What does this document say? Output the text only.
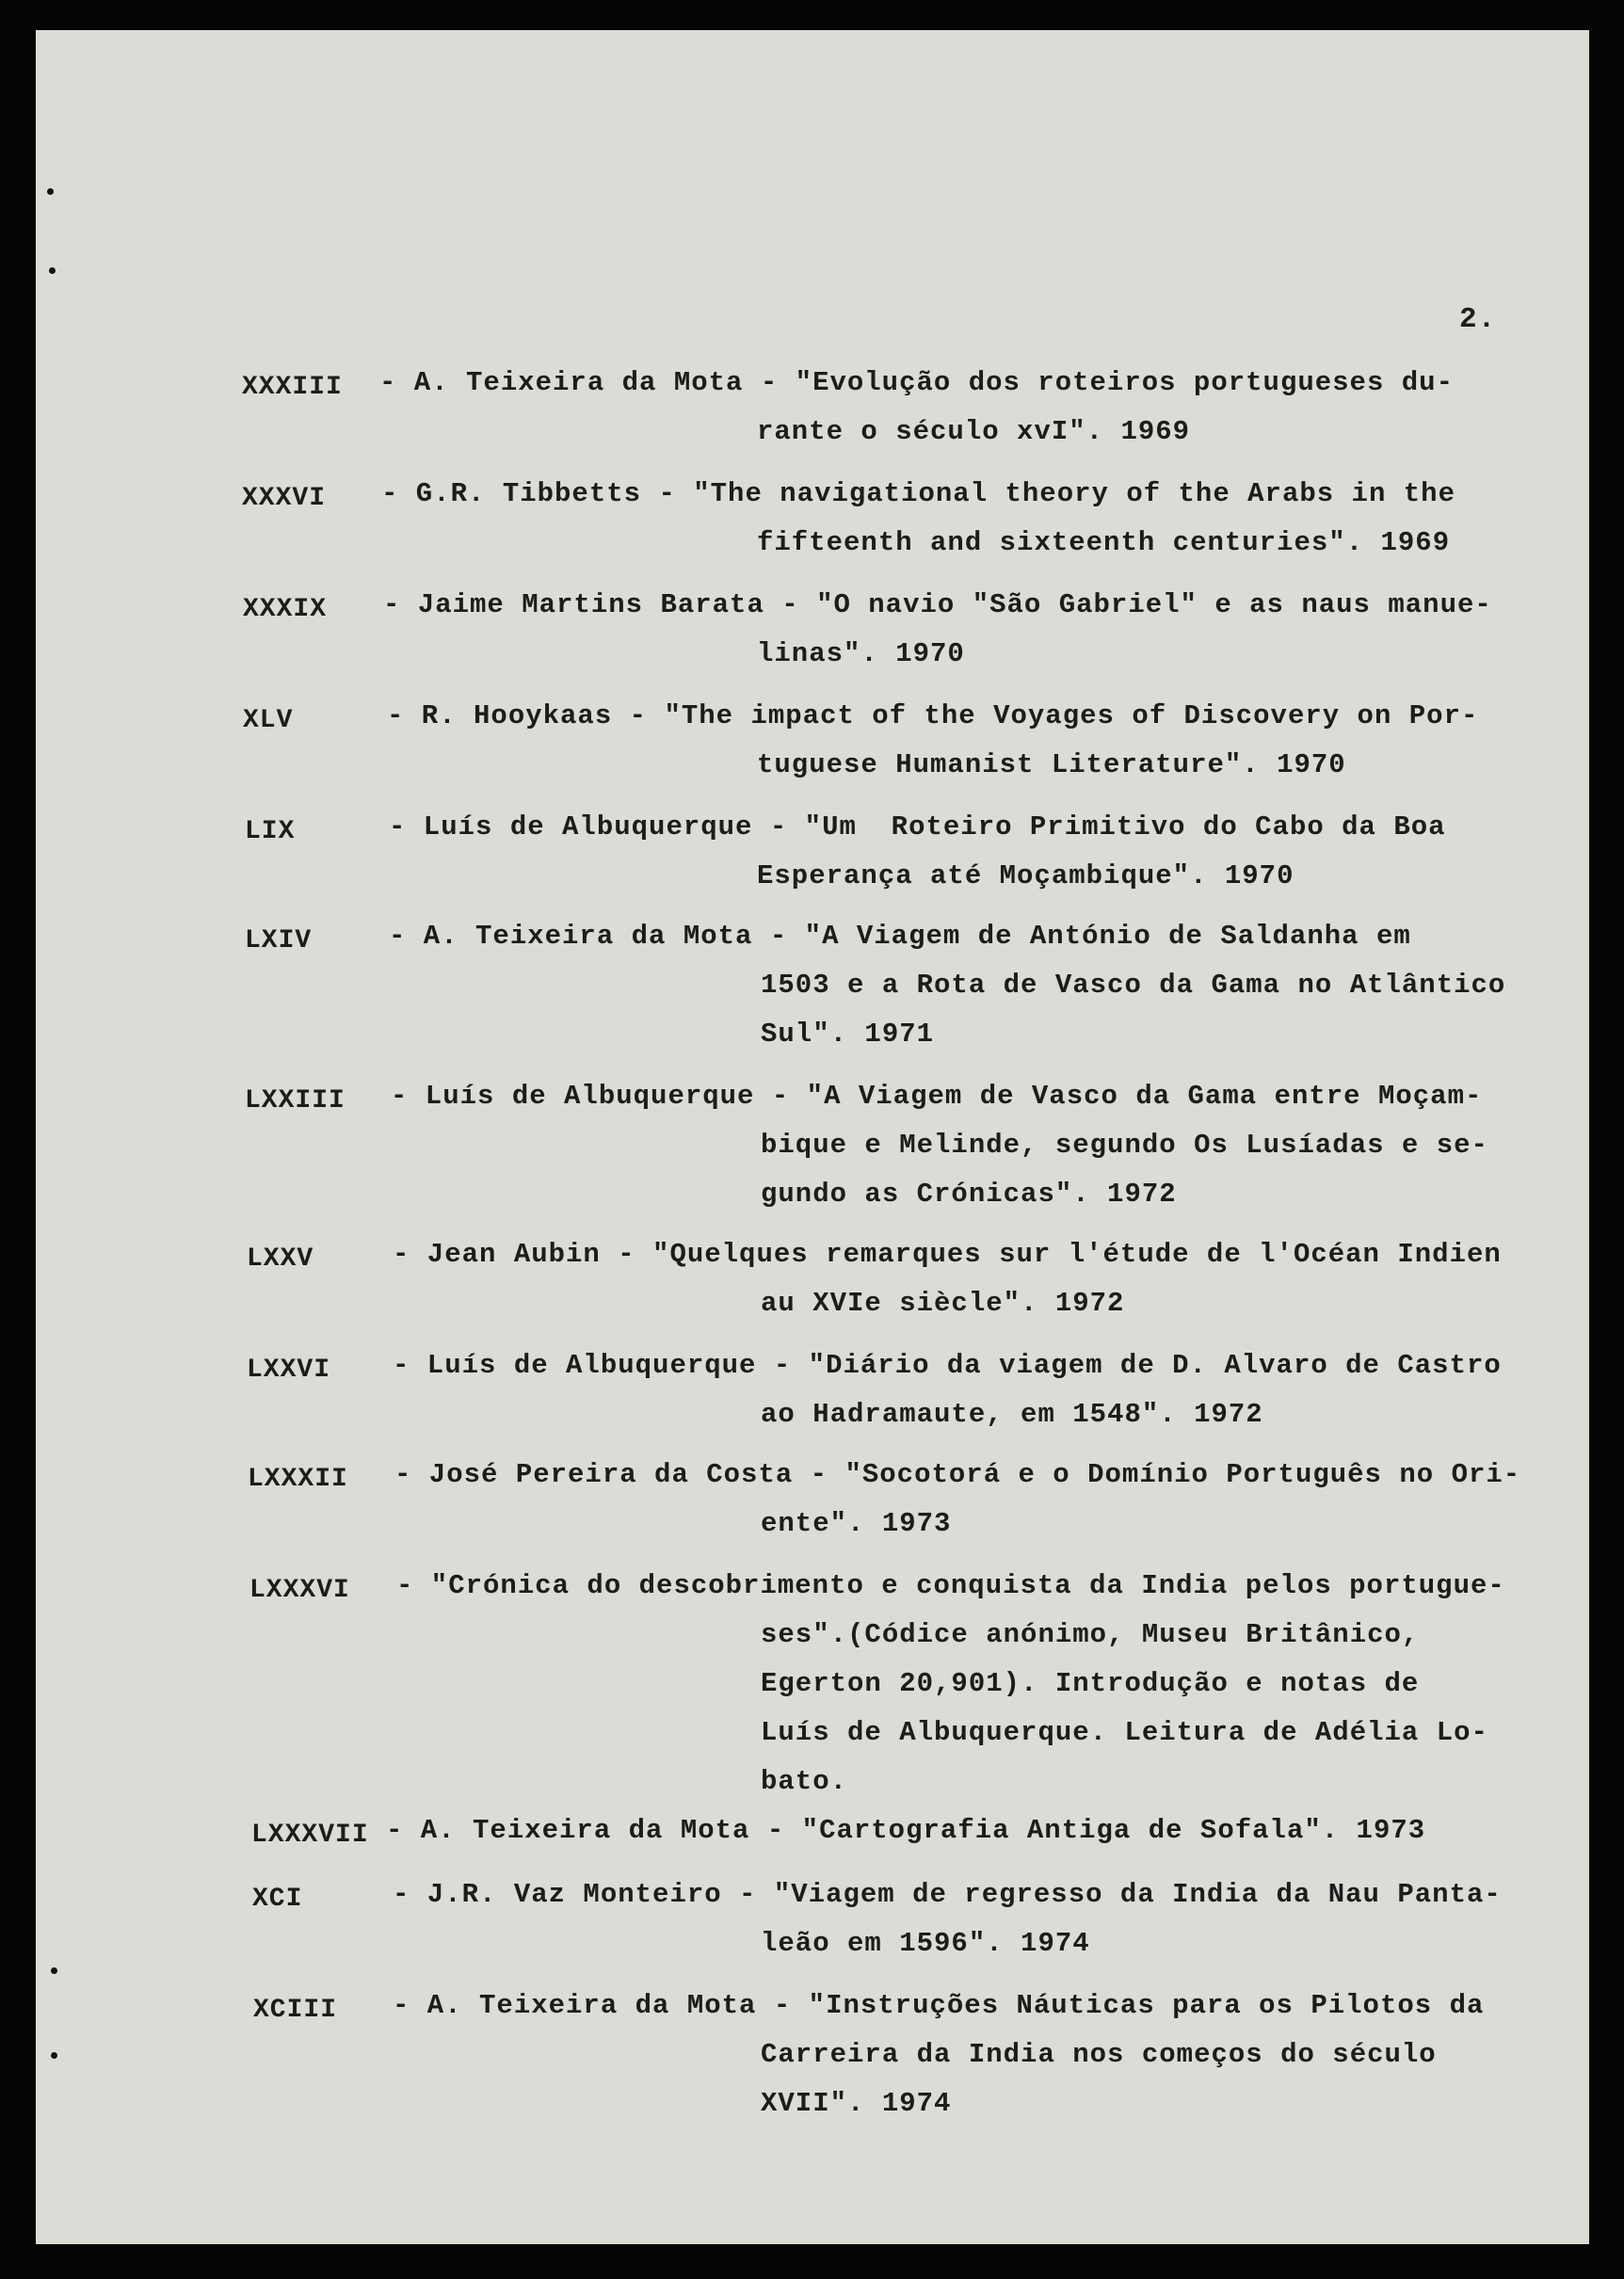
2.
XXXIII - A. Teixeira da Mota - "Evolução dos roteiros portugueses du-
rante o século xvI". 1969
XXXVI - G.R. Tibbetts - "The navigational theory of the Arabs in the
fifteenth and sixteenth centuries". 1969
XXXIX - Jaime Martins Barata - "O navio "São Gabriel" e as naus manue-
linas". 1970
XLV	- R. Hooykaas - "The impact of the Voyages of Discovery on Por-
tuguese Humanist Literature". 1970
LIX	- Luís de Albuquerque - "Um  Roteiro Primitivo do Cabo da Boa
Esperança até Moçambique". 1970
LXIV	- A. Teixeira da Mota - "A Viagem de António de Saldanha em
1503 e a Rota de Vasco da Gama no Atlântico
Sul". 1971
LXXIII - Luís de Albuquerque - "A Viagem de Vasco da Gama entre Moçam-
bique e Melinde, segundo Os Lusíadas e se-
gundo as Crónicas". 1972
LXXV	- Jean Aubin - "Quelques remarques sur l'étude de l'Océan Indien
au XVIe siècle". 1972
LXXVI - Luís de Albuquerque - "Diário da viagem de D. Alvaro de Castro
ao Hadramaute, em 1548". 1972
LXXXII - José Pereira da Costa - "Socotorá e o Domínio Português no Ori-
ente". 1973
LXXXVI - "Crónica do descobrimento e conquista da India pelos portugue-
ses".(Códice anónimo, Museu Britânico,
Egerton 20,901). Introdução e notas de
Luís de Albuquerque. Leitura de Adélia Lo-
bato.
LXXXVII - A. Teixeira da Mota - "Cartografia Antiga de Sofala". 1973
XCI	- J.R. Vaz Monteiro - "Viagem de regresso da India da Nau Panta-
leão em 1596". 1974
XCIII - A. Teixeira da Mota - "Instruções Náuticas para os Pilotos da
Carreira da India nos começos do século
XVII". 1974
